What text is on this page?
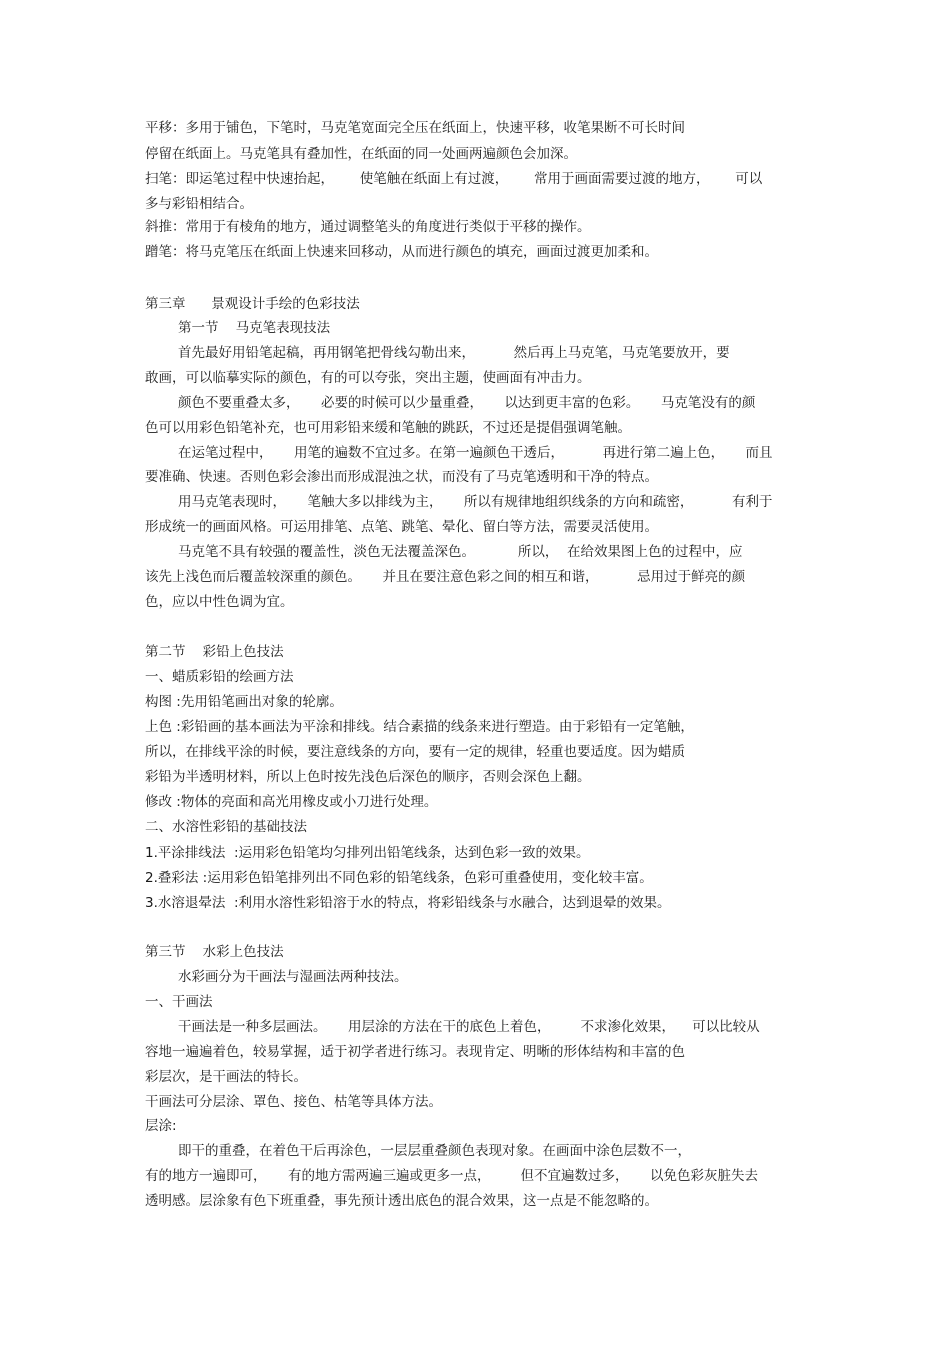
平移：多用于铺色，下笔时，马克笔宽面完全压在纸面上，快速平移，收笔果断不可长时间
停留在纸面上。马克笔具有叠加性，在纸面的同一处画两遍颜色会加深。
扫笔：即运笔过程中快速抬起，      使笔触在纸面上有过渡，      常用于画面需要过渡的地方，      可以
多与彩铅相结合。
斜推：常用于有棱角的地方，通过调整笔头的角度进行类似于平移的操作。
蹭笔：将马克笔压在纸面上快速来回移动，从而进行颜色的填充，画面过渡更加柔和。
第三章      景观设计手绘的色彩技法
第一节    马克笔表现技法
首先最好用铅笔起稿，再用钢笔把骨线勾勒出来，         然后再上马克笔，马克笔要放开，要
敢画，可以临摹实际的颜色，有的可以夸张，突出主题，使画面有冲击力。
颜色不要重叠太多，     必要的时候可以少量重叠，     以达到更丰富的色彩。     马克笔没有的颜
色可以用彩色铅笔补充，也可用彩铅来缓和笔触的跳跃，不过还是提倡强调笔触。
在运笔过程中，     用笔的遍数不宜过多。在第一遍颜色干透后，         再进行第二遍上色，     而且
要准确、快速。否则色彩会渗出而形成混浊之状，而没有了马克笔透明和干净的特点。
用马克笔表现时，     笔触大多以排线为主，     所以有规律地组织线条的方向和疏密，         有利于
形成统一的画面风格。可运用排笔、点笔、跳笔、晕化、留白等方法，需要灵活使用。
马克笔不具有较强的覆盖性，淡色无法覆盖深色。          所以，  在给效果图上色的过程中，应
该先上浅色而后覆盖较深重的颜色。     并且在要注意色彩之间的相互和谐，         忌用过于鲜亮的颜
色，应以中性色调为宜。
第二节    彩铅上色技法
一、蜡质彩铅的绘画方法
构图 :先用铅笔画出对象的轮廓。
上色 :彩铅画的基本画法为平涂和排线。结合素描的线条来进行塑造。由于彩铅有一定笔触，
所以，在排线平涂的时候，要注意线条的方向，要有一定的规律，轻重也要适度。因为蜡质
彩铅为半透明材料，所以上色时按先浅色后深色的顺序，否则会深色上翻。
修改 :物体的亮面和高光用橡皮或小刀进行处理。
二、水溶性彩铅的基础技法
1.平涂排线法  :运用彩色铅笔均匀排列出铅笔线条，达到色彩一致的效果。
2.叠彩法 :运用彩色铅笔排列出不同色彩的铅笔线条，色彩可重叠使用，变化较丰富。
3.水溶退晕法  :利用水溶性彩铅溶于水的特点，将彩铅线条与水融合，达到退晕的效果。
第三节    水彩上色技法
水彩画分为干画法与湿画法两种技法。
一、干画法
干画法是一种多层画法。     用层涂的方法在干的底色上着色，       不求渗化效果，    可以比较从
容地一遍遍着色，较易掌握，适于初学者进行练习。表现肯定、明晰的形体结构和丰富的色
彩层次，是干画法的特长。
干画法可分层涂、罩色、接色、枯笔等具体方法。
层涂:
即干的重叠，在着色干后再涂色，一层层重叠颜色表现对象。在画面中涂色层数不一，
有的地方一遍即可，     有的地方需两遍三遍或更多一点，       但不宜遍数过多，     以免色彩灰脏失去
透明感。层涂象有色下班重叠，事先预计透出底色的混合效果，这一点是不能忽略的。
